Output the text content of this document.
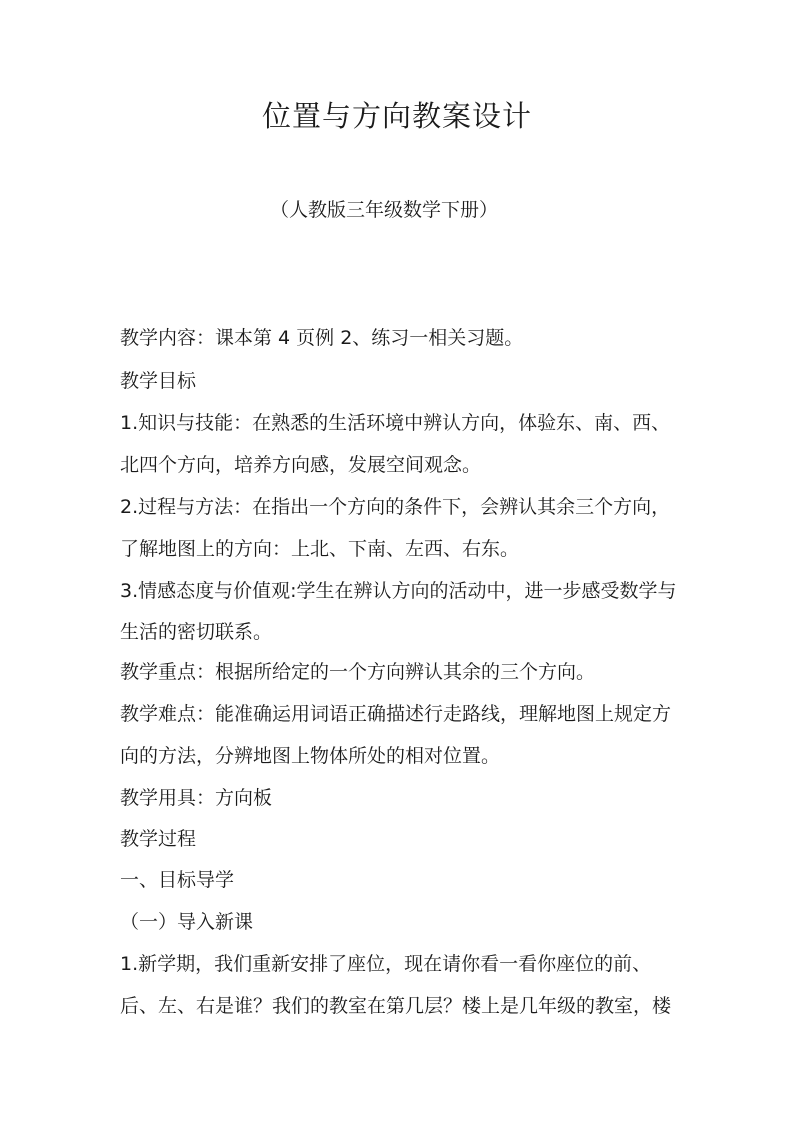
位置与方向教案设计

（人教版三年级数学下册）

教学内容：课本第 4 页例 2、练习一相关习题。

教学目标

1.知识与技能：在熟悉的生活环境中辨认方向，体验东、南、西、

北四个方向，培养方向感，发展空间观念。

2.过程与方法：在指出一个方向的条件下，会辨认其余三个方向，

了解地图上的方向：上北、下南、左西、右东。

3.情感态度与价值观:学生在辨认方向的活动中，进一步感受数学与

生活的密切联系。

教学重点：根据所给定的一个方向辨认其余的三个方向。

教学难点：能准确运用词语正确描述行走路线，理解地图上规定方

向的方法，分辨地图上物体所处的相对位置。

教学用具：方向板

教学过程

一、目标导学

（一）导入新课

1.新学期，我们重新安排了座位，现在请你看一看你座位的前、

后、左、右是谁？我们的教室在第几层？楼上是几年级的教室，楼
